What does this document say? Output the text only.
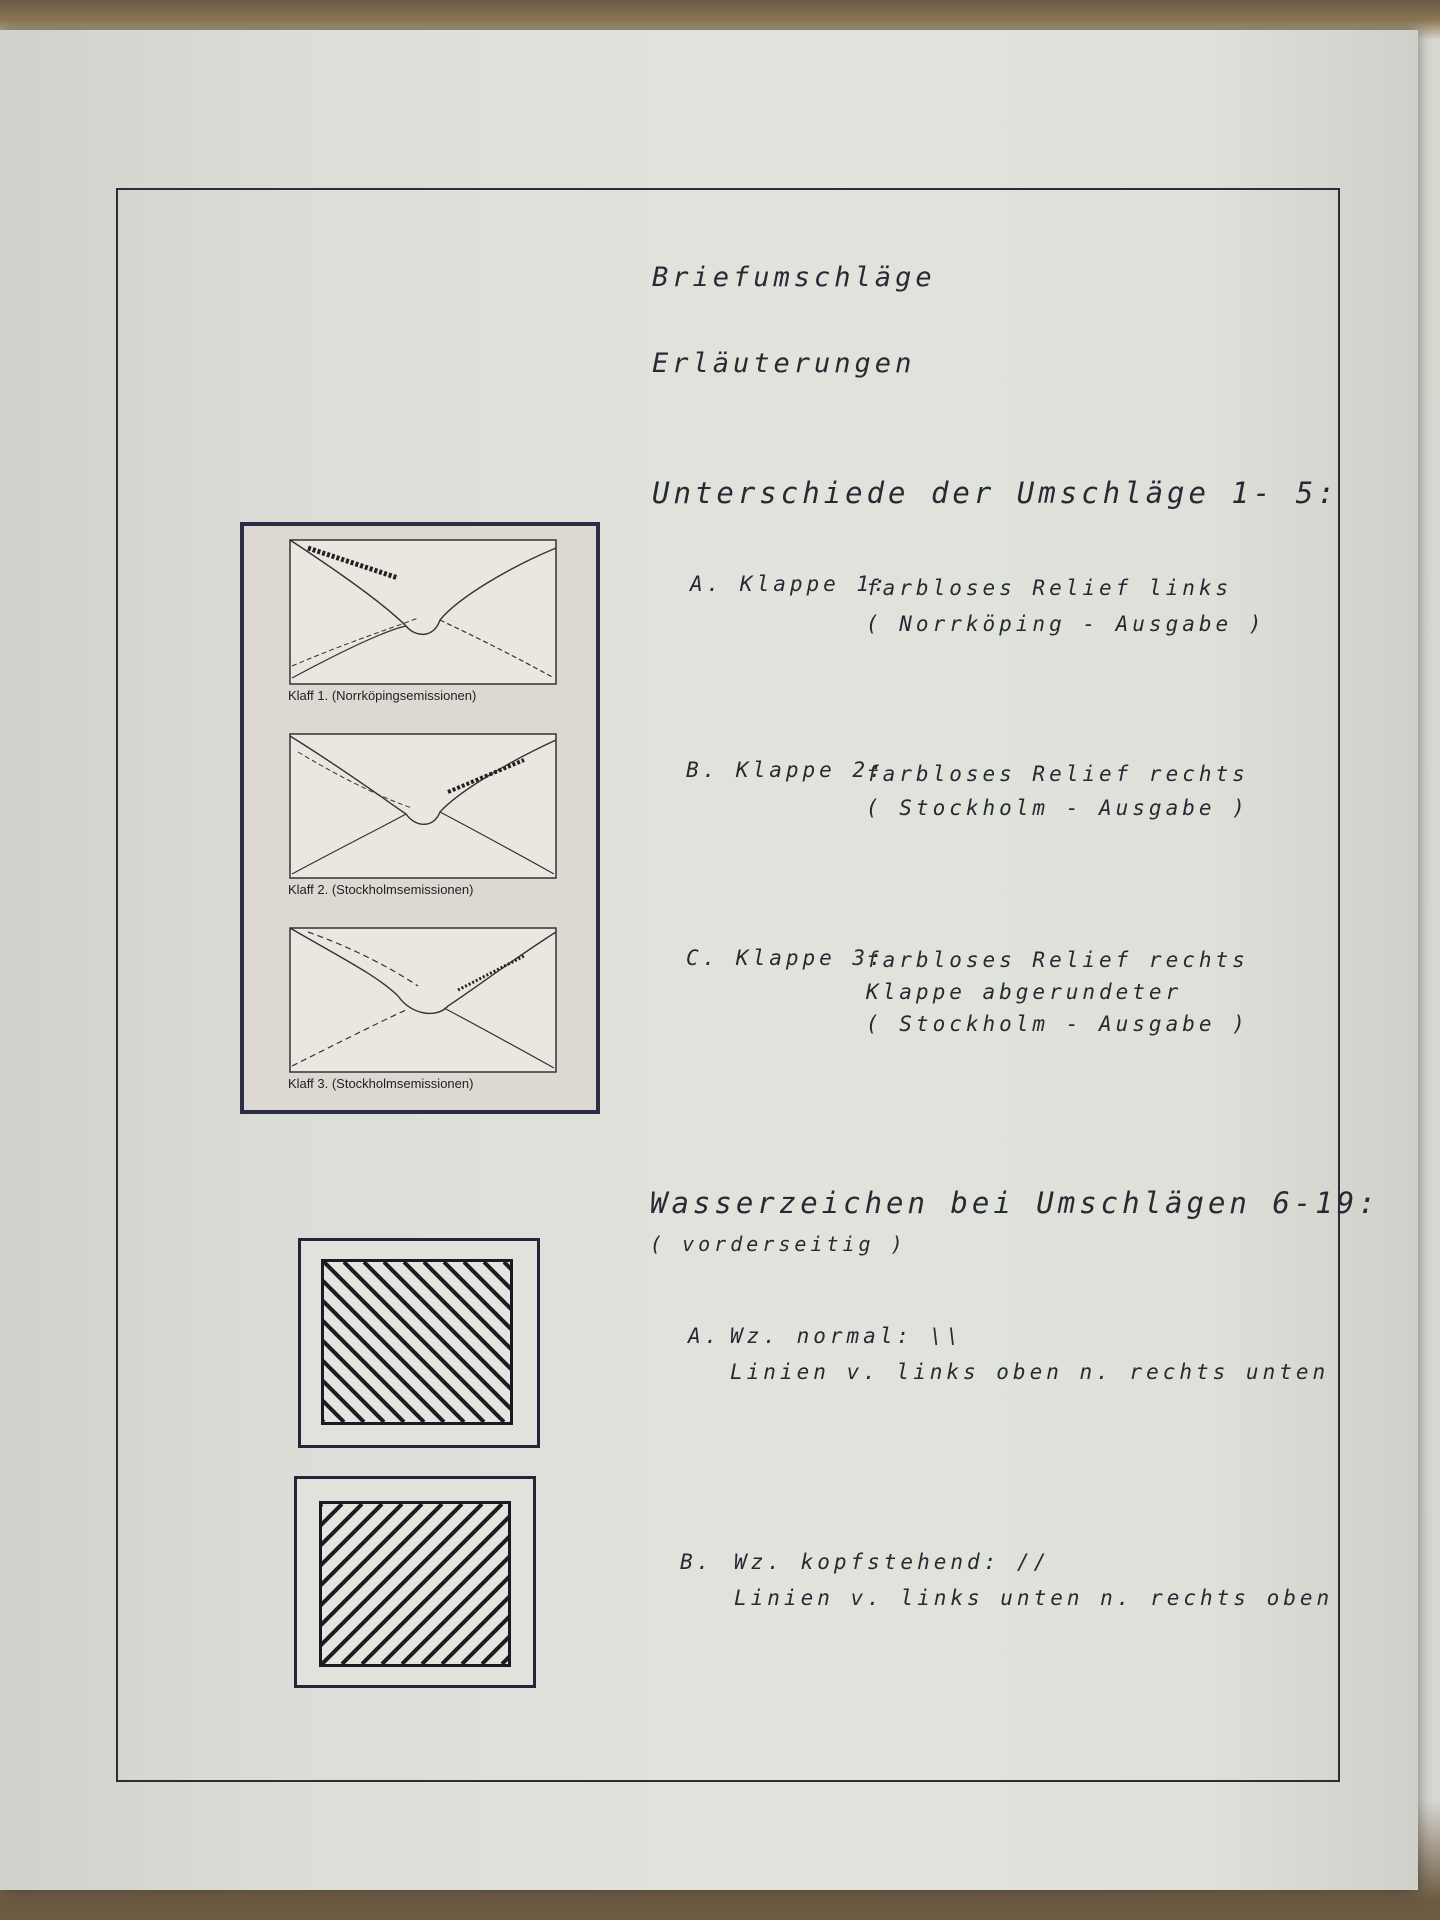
Briefumschläge
Erläuterungen
Unterschiede der Umschläge 1- 5:
A. Klappe 1:
farbloses Relief links
( Norrköping - Ausgabe )
B. Klappe 2:
farbloses Relief rechts
( Stockholm - Ausgabe )
C. Klappe 3:
farbloses Relief rechts
Klappe abgerundeter
( Stockholm - Ausgabe )
Klaff 1. (Norrköpingsemissionen)
Klaff 2. (Stockholmsemissionen)
Klaff 3. (Stockholmsemissionen)
Wasserzeichen bei Umschlägen 6-19:
( vorderseitig )
A. Wz. normal: \\
Linien v. links oben n. rechts unten
B. Wz. kopfstehend: //
Linien v. links unten n. rechts oben
